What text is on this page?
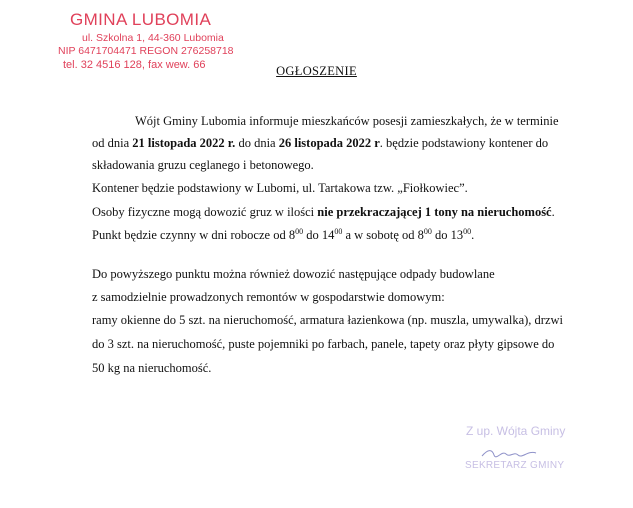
GMINA LUBOMIA
ul. Szkolna 1, 44-360 Lubomia
NIP 6471704471 REGON 276258718
tel. 32 4516 128, fax wew. 66	OGŁOSZENIE
Wójt Gminy Lubomia informuje mieszkańców posesji zamieszkałych, że w terminie
od dnia 21 listopada 2022 r. do dnia 26 listopada 2022 r. będzie podstawiony kontener do
składowania gruzu ceglanego i betonowego.
Kontener będzie podstawiony w Lubomi, ul. Tartakowa tzw. „Fiołkowiec”.
Osoby fizyczne mogą dowozić gruz w ilości nie przekraczającej 1 tony na nieruchomość.
Punkt będzie czynny w dni robocze od $8^{00}$ do $14^{00}$ a w sobotę od $8^{00}$ do $13^{00}$.
Do powyższego punktu można również dowozić następujące odpady budowlane
z samodzielnie prowadzonych remontów w gospodarstwie domowym:
ramy okienne do 5 szt. na nieruchomość, armatura łazienkowa (np. muszla, umywalka), drzwi
do 3 szt. na nieruchomość, puste pojemniki po farbach, panele, tapety oraz płyty gipsowe do
50 kg na nieruchomość.
Z up. Wójta Gminy
SEKRETARZ GMINY
